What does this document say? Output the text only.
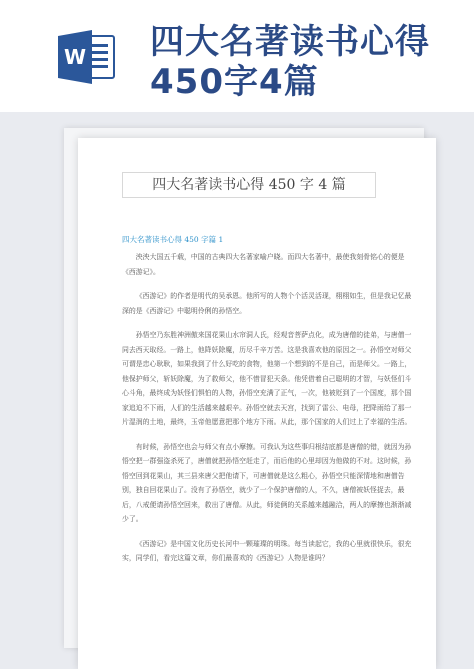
W 四大名著读书心得
450字4篇
四大名著读书心得 450 字 4 篇
四大名著读书心得 450 字篇 1

泱泱大国五千载，中国的古典四大名著家喻户晓。而四大名著中，最使我刻骨铭心的便是《西游记》。

《西游记》的作者是明代的吴承恩。他所写的人物个个活灵活现，栩栩如生，但是我记忆最深的是《西游记》中聪明伶俐的孙悟空。

孙悟空乃东胜神洲傲来国花果山水帘洞人氏，经观音菩萨点化，成为唐僧的徒弟，与唐僧一同去西天取经。一路上，他降妖除魔，历尽千辛万苦。这是我喜欢他的原因之一。孙悟空对师父可谓是忠心耿耿，如果我到了什么好吃的食物，他第一个想到的不是自己，而是师父。一路上，他保护师父，斩妖除魔，为了救师父，他不惜冒犯天条。他凭借着自己聪明的才智，与妖怪们斗心斗角，最终成为妖怪们惧怕的人物，孙悟空充满了正气，一次，他被贬到了一个国度，那个国家追迫不下雨，人们的生活越来越艰辛。孙悟空就去天宫，找到了雷公、电母，把降雨给了那一片湿润的土地，最终，玉帝他愿意把那个地方下雨。从此，那个国家的人们过上了幸福的生活。

有时候，孙悟空也会与师父有点小摩擦。可我认为这些事归根结底都是唐僧的错，就因为孙悟空把一群强盗杀死了，唐僧就把孙悟空赶走了，而后他的心里却因为他做的不对。这时候，孙悟空回到花果山，其三县来唐父把他请下，可唐僧就是这么粗心，孙悟空只能深情地和唐僧告别，独自回花果山了。没有了孙悟空，就少了一个保护唐僧的人，不久，唐僧被妖怪捉去，最后，八戒便请孙悟空回来，救出了唐僧。从此，师徒俩的关系越来越融洽，两人的摩擦也渐渐减少了。

《西游记》是中国文化历史长河中一颗璀璨的明珠。每当读起它，我的心里就很快乐，很充实，同学们，看完这篇文章，你们最喜欢的《西游记》人物是谁吗？
